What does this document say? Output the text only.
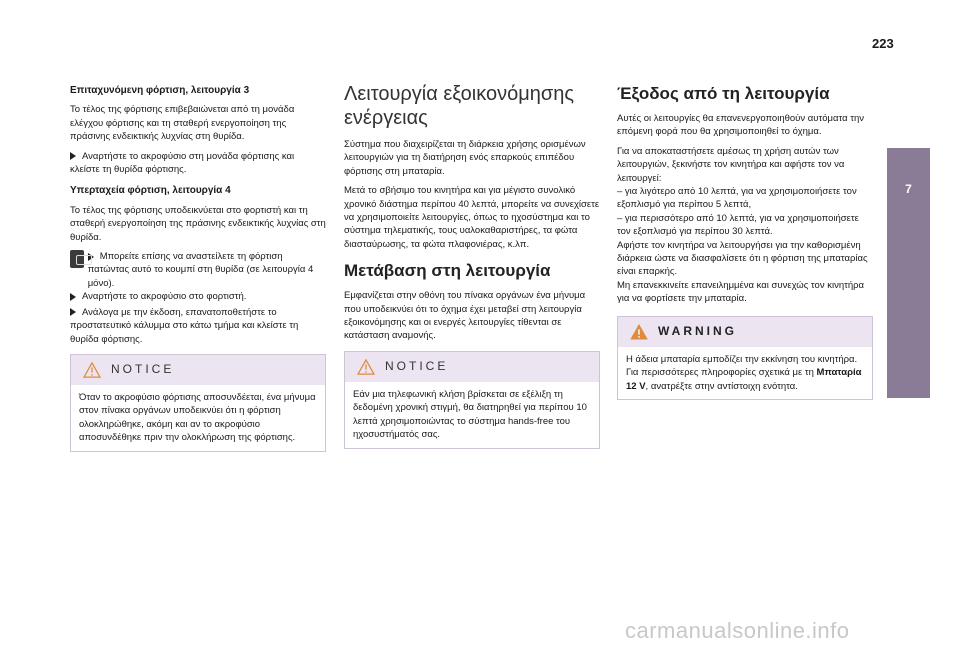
223
7
Πρακτικές πληροφορίες
Επιταχυνόμενη φόρτιση, λειτουργία 3

Το τέλος της φόρτισης επιβεβαιώνεται από τη μονάδα ελέγχου φόρτισης και τη σταθερή ενεργοποίηση της πράσινης ενδεικτικής λυχνίας στη θυρίδα.

Αναρτήστε το ακροφύσιο στη μονάδα φόρτισης και κλείστε τη θυρίδα φόρτισης.

Υπερταχεία φόρτιση, λειτουργία 4

Το τέλος της φόρτισης υποδεικνύεται στο φορτιστή και τη σταθερή ενεργοποίηση της πράσινης ενδεικτικής λυχνίας στη θυρίδα.

Μπορείτε επίσης να αναστείλετε τη φόρτιση πατώντας αυτό το κουμπί στη θυρίδα (σε λειτουργία 4 μόνο).

Αναρτήστε το ακροφύσιο στο φορτιστή.

Ανάλογα με την έκδοση, επανατοποθετήστε το προστατευτικό κάλυμμα στο κάτω τμήμα και κλείστε τη θυρίδα φόρτισης.

NOTICE

Όταν το ακροφύσιο φόρτισης αποσυνδέεται, ένα μήνυμα στον πίνακα οργάνων υποδεικνύει ότι η φόρτιση ολοκληρώθηκε, ακόμη και αν το ακροφύσιο αποσυνδέθηκε πριν την ολοκλήρωση της φόρτισης.

Λειτουργία εξοικονόμησης ενέργειας

Σύστημα που διαχειρίζεται τη διάρκεια χρήσης ορισμένων λειτουργιών για τη διατήρηση ενός επαρκούς επιπέδου φόρτισης στη μπαταρία.

Μετά το σβήσιμο του κινητήρα και για μέγιστο συνολικό χρονικό διάστημα περίπου 40 λεπτά, μπορείτε να συνεχίσετε να χρησιμοποιείτε λειτουργίες, όπως το ηχοσύστημα και το σύστημα τηλεματικής, τους υαλοκαθαριστήρες, τα φώτα διασταύρωσης, τα φώτα πλαφονιέρας, κ.λπ.

Μετάβαση στη λειτουργία

Εμφανίζεται στην οθόνη του πίνακα οργάνων ένα μήνυμα που υποδεικνύει ότι το όχημα έχει μεταβεί στη λειτουργία εξοικονόμησης και οι ενεργές λειτουργίες τίθενται σε κατάσταση αναμονής.

NOTICE

Εάν μια τηλεφωνική κλήση βρίσκεται σε εξέλιξη τη δεδομένη χρονική στιγμή, θα διατηρηθεί για περίπου 10 λεπτά χρησιμοποιώντας το σύστημα hands-free του ηχοσυστήματός σας.

Έξοδος από τη λειτουργία

Αυτές οι λειτουργίες θα επανενεργοποιηθούν αυτόματα την επόμενη φορά που θα χρησιμοποιηθεί το όχημα.

Για να αποκαταστήσετε αμέσως τη χρήση αυτών των λειτουργιών, ξεκινήστε τον κινητήρα και αφήστε τον να λειτουργεί:

– για λιγότερο από 10 λεπτά, για να χρησιμοποιήσετε τον εξοπλισμό για περίπου 5 λεπτά,

– για περισσότερο από 10 λεπτά, για να χρησιμοποιήσετε τον εξοπλισμό για περίπου 30 λεπτά.

Αφήστε τον κινητήρα να λειτουργήσει για την καθορισμένη διάρκεια ώστε να διασφαλίσετε ότι η φόρτιση της μπαταρίας είναι επαρκής.

Μη επανεκκινείτε επανειλημμένα και συνεχώς τον κινητήρα για να φορτίσετε την μπαταρία.

WARNING

Η άδεια μπαταρία εμποδίζει την εκκίνηση του κινητήρα.

Για περισσότερες πληροφορίες σχετικά με τη Μπαταρία 12 V, ανατρέξτε στην αντίστοιχη ενότητα.

carmanualsonline.info
